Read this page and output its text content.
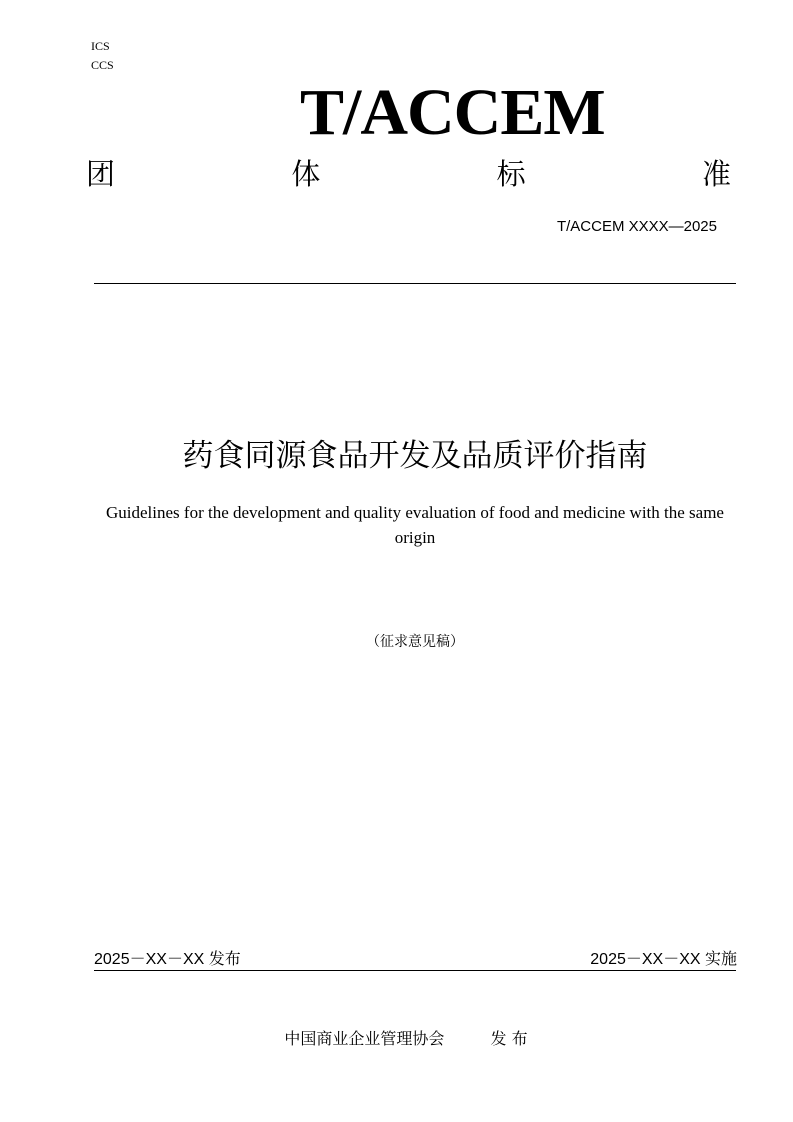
ICS
CCS
T/ACCEM
团	体	标	准
T/ACCEM XXXX—2025
药食同源食品开发及品质评价指南
Guidelines for the development and quality evaluation of food and medicine with the same origin
（征求意见稿）
2025－XX－XX 发布	2025－XX－XX 实施
中国商业企业管理协会	发 布
